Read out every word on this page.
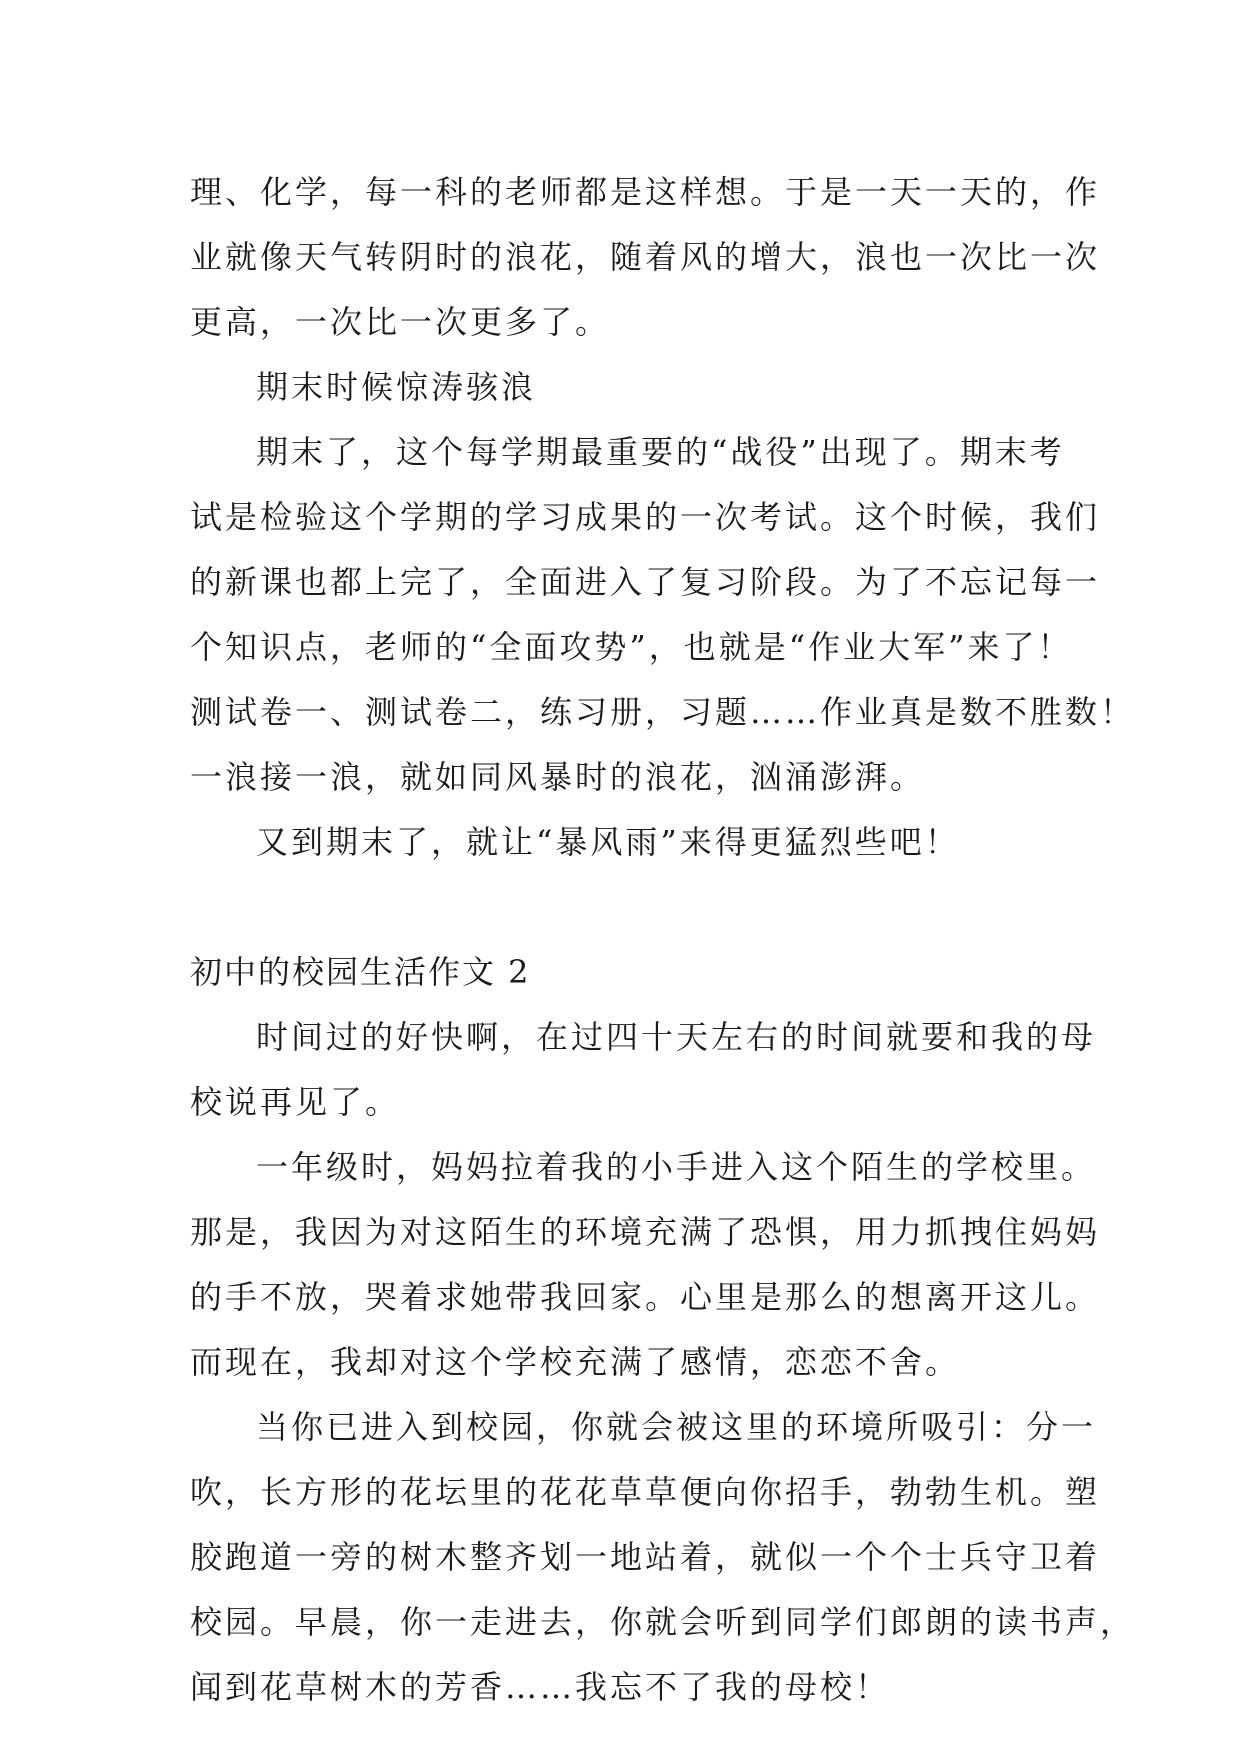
理、化学，每一科的老师都是这样想。于是一天一天的，作
业就像天气转阴时的浪花，随着风的增大，浪也一次比一次
更高，一次比一次更多了。
期末时候惊涛骇浪
期末了，这个每学期最重要的“战役”出现了。期末考
试是检验这个学期的学习成果的一次考试。这个时候，我们
的新课也都上完了，全面进入了复习阶段。为了不忘记每一
个知识点，老师的“全面攻势”，也就是“作业大军”来了！
测试卷一、测试卷二，练习册，习题……作业真是数不胜数！
一浪接一浪，就如同风暴时的浪花，汹涌澎湃。
又到期末了，就让“暴风雨”来得更猛烈些吧！
初中的校园生活作文 2
时间过的好快啊，在过四十天左右的时间就要和我的母
校说再见了。
一年级时，妈妈拉着我的小手进入这个陌生的学校里。
那是，我因为对这陌生的环境充满了恐惧，用力抓拽住妈妈
的手不放，哭着求她带我回家。心里是那么的想离开这儿。
而现在，我却对这个学校充满了感情，恋恋不舍。
当你已进入到校园，你就会被这里的环境所吸引：分一
吹，长方形的花坛里的花花草草便向你招手，勃勃生机。塑
胶跑道一旁的树木整齐划一地站着，就似一个个士兵守卫着
校园。早晨，你一走进去，你就会听到同学们郎朗的读书声，
闻到花草树木的芳香……我忘不了我的母校！
